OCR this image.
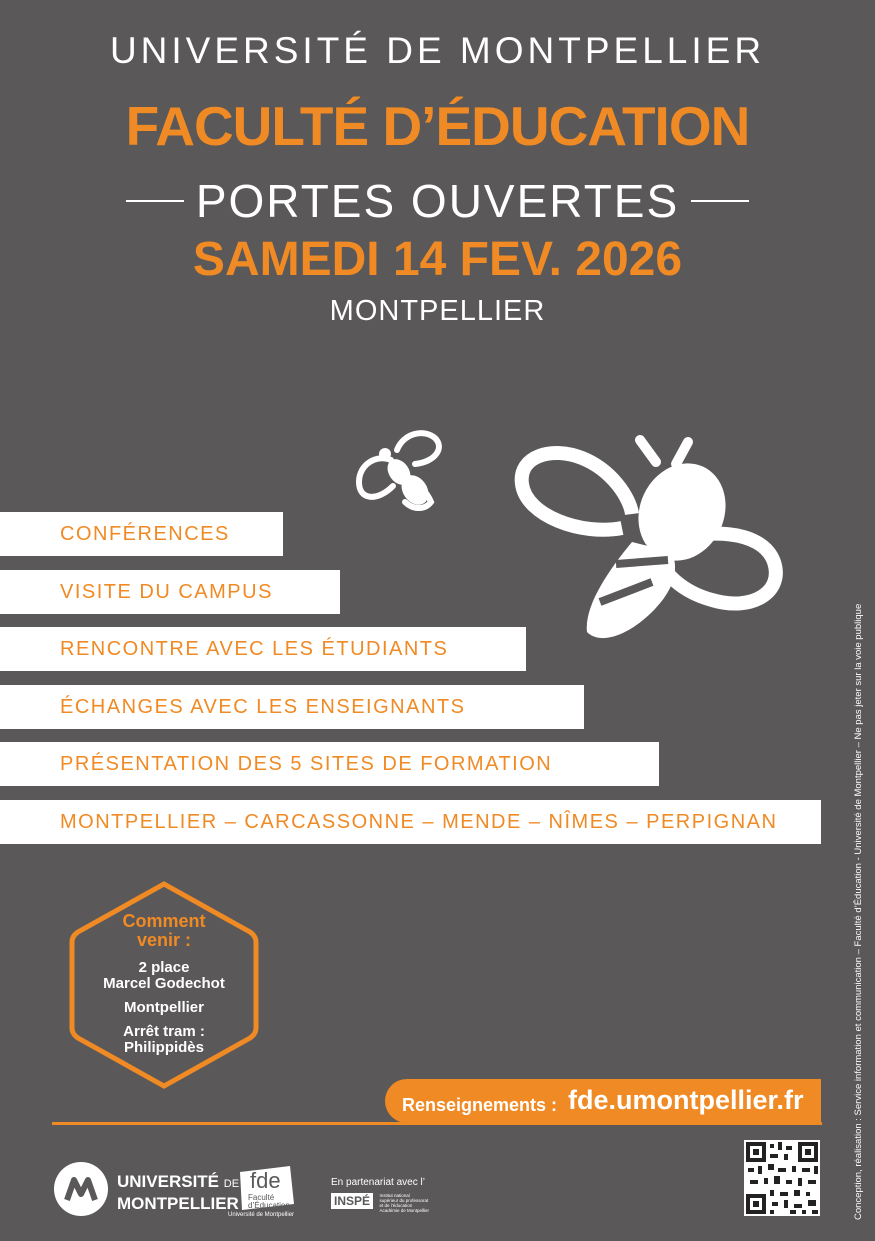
UNIVERSITÉ DE MONTPELLIER
FACULTÉ D’ÉDUCATION
PORTES OUVERTES
SAMEDI 14 FEV. 2026
MONTPELLIER
CONFÉRENCES
VISITE DU CAMPUS
RENCONTRE AVEC LES ÉTUDIANTS
ÉCHANGES AVEC LES ENSEIGNANTS
PRÉSENTATION DES 5 SITES DE FORMATION
MONTPELLIER – CARCASSONNE – MENDE – NÎMES – PERPIGNAN
Comment venir :
2 place
Marcel Godechot
Montpellier
Arrêt tram :
Philippidès
Renseignements : fde.umontpellier.fr	Conception, réalisation : Service information et communication – Faculté d’Éducation - Université de Montpellier – Ne pas jeter sur la voie publique
UNIVERSITÉ DE
MONTPELLIER
fde
Faculté
d’Éducation
Université de Montpellier
En partenariat avec l’
INSPÉ Institut national
supérieur du professorat
et de l’éducation
Académie de Montpellier
